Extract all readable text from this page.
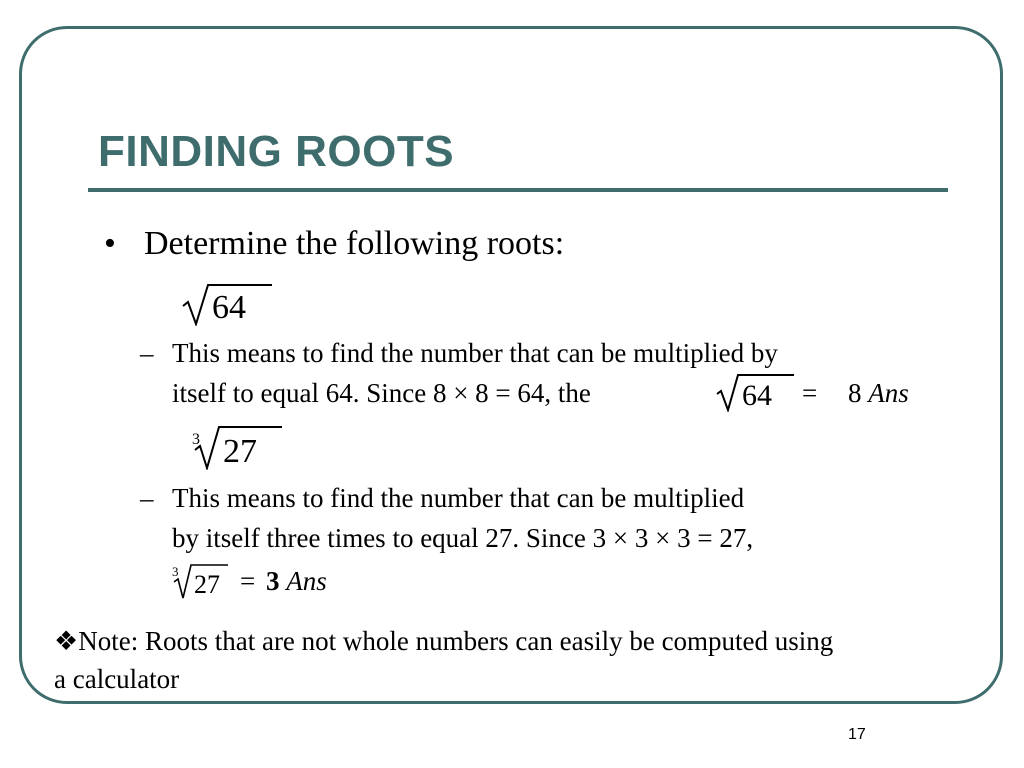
FINDING ROOTS
• Determine the following roots:
64
– This means to find the number that can be multiplied by
itself to equal 64. Since 8 × 8 = 64, the	64 = 8 Ans
3 27
– This means to find the number that can be multiplied
by itself three times to equal 27. Since 3 × 3 × 3 = 27,
3 27 = 3 Ans
❖Note: Roots that are not whole numbers can easily be computed using
a calculator
17
